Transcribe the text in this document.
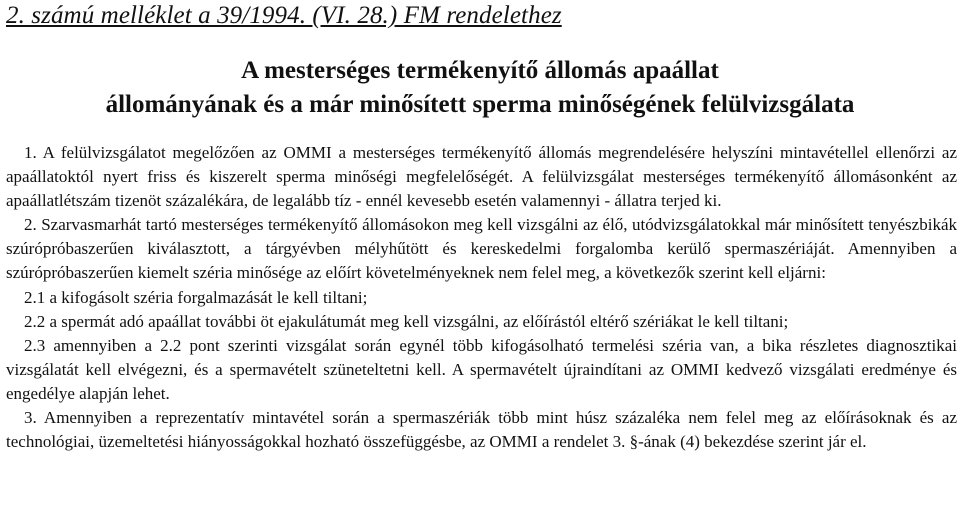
2. számú melléklet a 39/1994. (VI. 28.) FM rendelethez
A mesterséges termékenyítő állomás apaállat
állományának és a már minősített sperma minőségének felülvizsgálata

1. A felülvizsgálatot megelőzően az OMMI a mesterséges termékenyítő állomás megrendelésére helyszíni mintavétellel ellenőrzi az apaállatoktól nyert friss és kiszerelt sperma minőségi megfelelőségét. A felülvizsgálat mesterséges termékenyítő állomásonként az apaállatlétszám tizenöt százalékára, de legalább tíz - ennél kevesebb esetén valamennyi - állatra terjed ki.

2. Szarvasmarhát tartó mesterséges termékenyítő állomásokon meg kell vizsgálni az élő, utódvizsgálatokkal már minősített tenyészbikák szúrópróbaszerűen kiválasztott, a tárgyévben mélyhűtött és kereskedelmi forgalomba kerülő spermaszériáját. Amennyiben a szúrópróbaszerűen kiemelt széria minősége az előírt követelményeknek nem felel meg, a következők szerint kell eljárni:

2.1 a kifogásolt széria forgalmazását le kell tiltani;

2.2 a spermát adó apaállat további öt ejakulátumát meg kell vizsgálni, az előírástól eltérő szériákat le kell tiltani;

2.3 amennyiben a 2.2 pont szerinti vizsgálat során egynél több kifogásolható termelési széria van, a bika részletes diagnosztikai vizsgálatát kell elvégezni, és a spermavételt szüneteltetni kell. A spermavételt újraindítani az OMMI kedvező vizsgálati eredménye és engedélye alapján lehet.

3. Amennyiben a reprezentatív mintavétel során a spermaszériák több mint húsz százaléka nem felel meg az előírásoknak és az technológiai, üzemeltetési hiányosságokkal hozható összefüggésbe, az OMMI a rendelet 3. §-ának (4) bekezdése szerint jár el.
